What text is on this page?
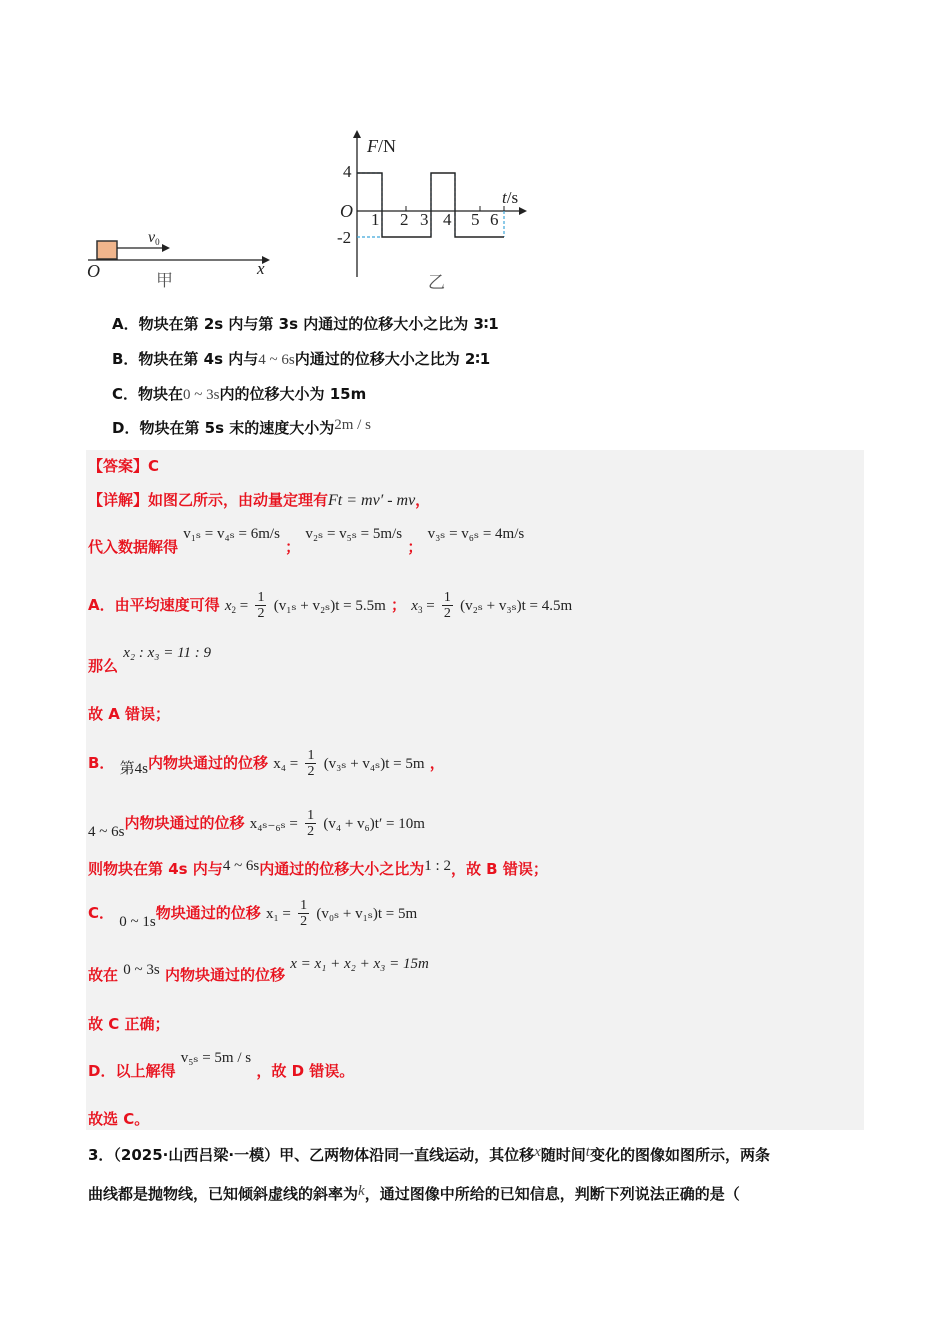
$v_0$
O	x
甲
F/N
4
-2
O
t/s
1 2 3 4 5 6
乙
A．物块在第 2s 内与第 3s 内通过的位移大小之比为 3∶1
B．物块在第 4s 内与4 ~ 6s内通过的位移大小之比为 2∶1
C．物块在0 ~ 3s内的位移大小为 15m
D．物块在第 5s 末的速度大小为2m / s
【答案】C
【详解】如图乙所示，由动量定理有Ft = mv′ - mv，
代入数据解得 v₁ₛ = v₄ₛ = 6m/s ； v₂ₛ = v₅ₛ = 5m/s ； v₃ₛ = v₆ₛ = 4m/s
A．由平均速度可得 $x_2 = \frac{1}{2} (v_{1s} + v_{2s})t = 5.5m$ ； $x_3 = \frac{1}{2} (v_{2s} + v_{3s})t = 4.5m$
那么 x₂ : x₃ = 11 : 9
故 A 错误；
B． 第4s内物块通过的位移 $x_4 = \frac{1}{2} (v_{3s} + v_{4s})t = 5m$ ，
4 ~ 6s内物块通过的位移 $x_{4s-6s} = \frac{1}{2} (v_4 + v_6)t' = 10m$
则物块在第 4s 内与4 ~ 6s内通过的位移大小之比为1 : 2，故 B 错误；
C． 0 ~ 1s物块通过的位移 $x_1 = \frac{1}{2} (v_{0s} + v_{1s})t = 5m$
故在 0 ~ 3s 内物块通过的位移 x = x₁ + x₂ + x₃ = 15m
故 C 正确；
D．以上解得 v₅ₛ = 5m / s ，故 D 错误。
故选 C。
3．（2025·山西吕梁·一模）甲、乙两物体沿同一直线运动，其位移x随时间t变化的图像如图所示，两条
曲线都是抛物线，已知倾斜虚线的斜率为k，通过图像中所给的已知信息，判断下列说法正确的是（
